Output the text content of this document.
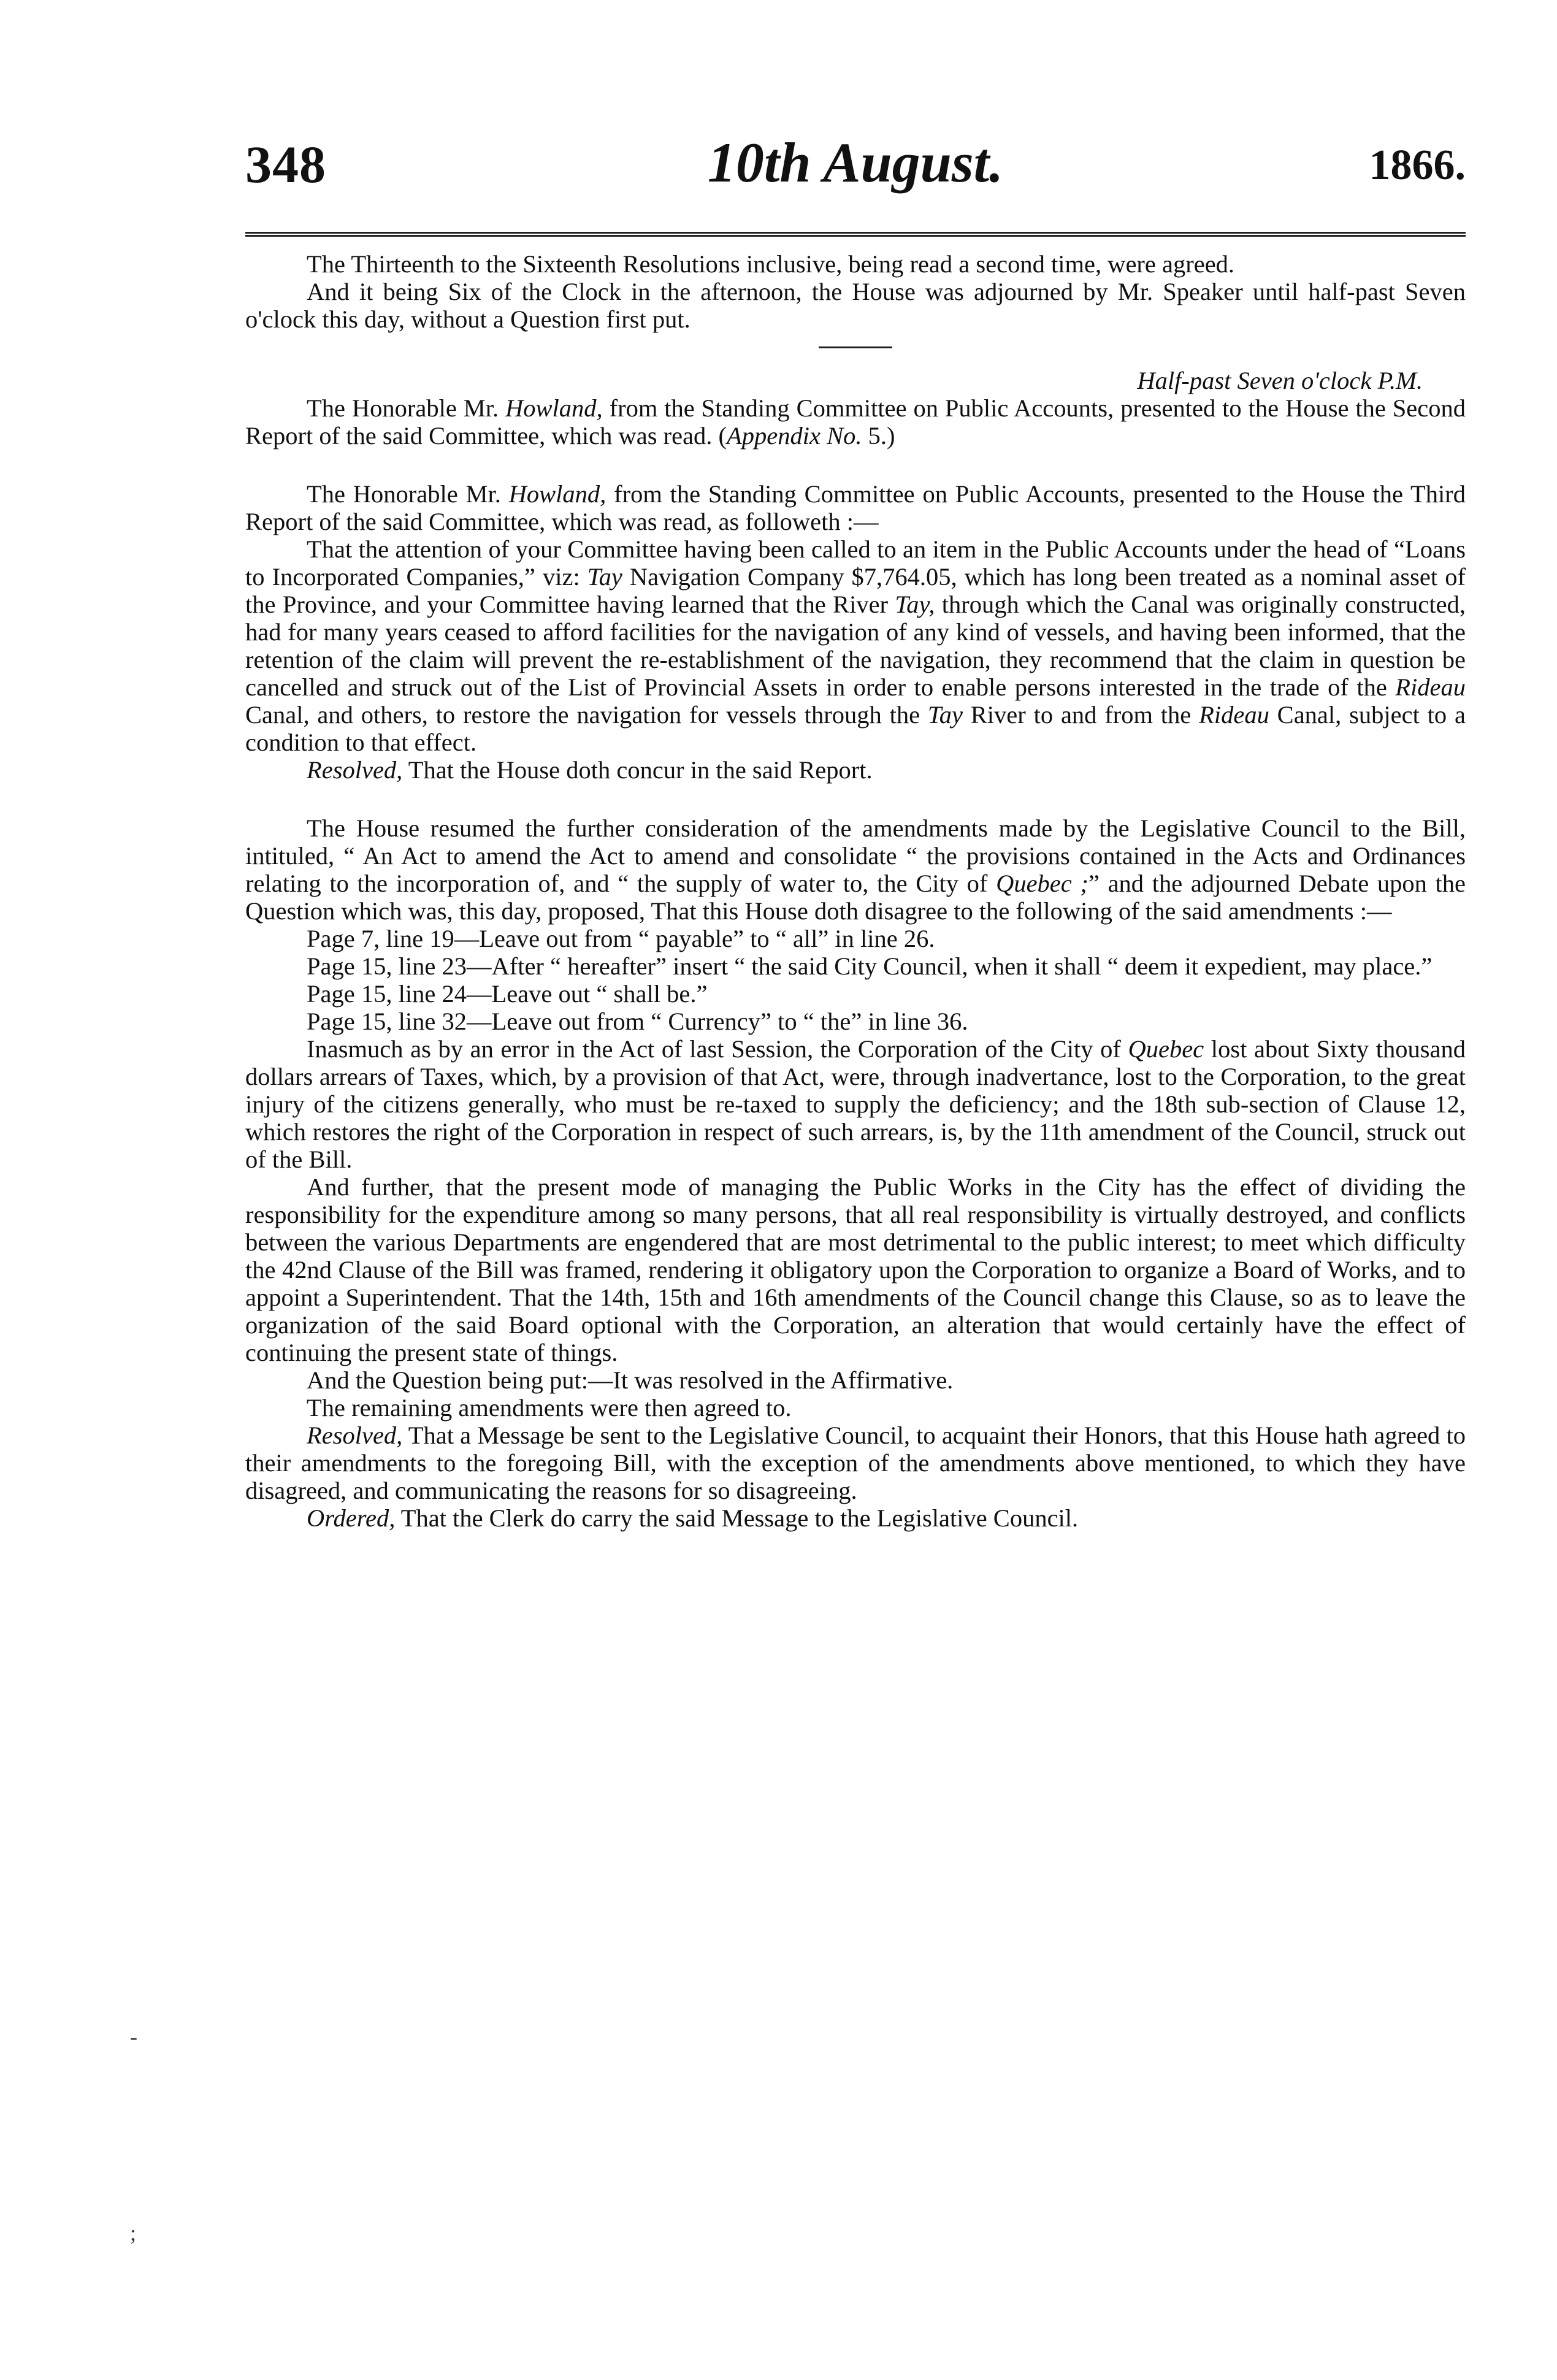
348	10th August.	1866.

The Thirteenth to the Sixteenth Resolutions inclusive, being read a second time, were agreed.

And it being Six of the Clock in the afternoon, the House was adjourned by Mr. Speaker until half-past Seven o'clock this day, without a Question first put.

Half-past Seven o'clock P.M.

The Honorable Mr. Howland, from the Standing Committee on Public Accounts, presented to the House the Second Report of the said Committee, which was read. (Appendix No. 5.)

The Honorable Mr. Howland, from the Standing Committee on Public Accounts, presented to the House the Third Report of the said Committee, which was read, as followeth :—

That the attention of your Committee having been called to an item in the Public Accounts under the head of “Loans to Incorporated Companies,” viz: Tay Navigation Company $7,764.05, which has long been treated as a nominal asset of the Province, and your Committee having learned that the River Tay, through which the Canal was originally constructed, had for many years ceased to afford facilities for the navigation of any kind of vessels, and having been informed, that the retention of the claim will prevent the re-establishment of the navigation, they recommend that the claim in question be cancelled and struck out of the List of Provincial Assets in order to enable persons interested in the trade of the Rideau Canal, and others, to restore the navigation for vessels through the Tay River to and from the Rideau Canal, subject to a condition to that effect.

Resolved, That the House doth concur in the said Report.

The House resumed the further consideration of the amendments made by the Legislative Council to the Bill, intituled, “ An Act to amend the Act to amend and consolidate “ the provisions contained in the Acts and Ordinances relating to the incorporation of, and “ the supply of water to, the City of Quebec ;” and the adjourned Debate upon the Question which was, this day, proposed, That this House doth disagree to the following of the said amendments :—

Page 7, line 19—Leave out from “ payable” to “ all” in line 26.

Page 15, line 23—After “ hereafter” insert “ the said City Council, when it shall “ deem it expedient, may place.”

Page 15, line 24—Leave out “ shall be.”

Page 15, line 32—Leave out from “ Currency” to “ the” in line 36.

Inasmuch as by an error in the Act of last Session, the Corporation of the City of Quebec lost about Sixty thousand dollars arrears of Taxes, which, by a provision of that Act, were, through inadvertance, lost to the Corporation, to the great injury of the citizens generally, who must be re-taxed to supply the deficiency; and the 18th sub-section of Clause 12, which restores the right of the Corporation in respect of such arrears, is, by the 11th amendment of the Council, struck out of the Bill.

And further, that the present mode of managing the Public Works in the City has the effect of dividing the responsibility for the expenditure among so many persons, that all real responsibility is virtually destroyed, and conflicts between the various Departments are engendered that are most detrimental to the public interest; to meet which difficulty the 42nd Clause of the Bill was framed, rendering it obligatory upon the Corporation to organize a Board of Works, and to appoint a Superintendent. That the 14th, 15th and 16th amendments of the Council change this Clause, so as to leave the organization of the said Board optional with the Corporation, an alteration that would certainly have the effect of continuing the present state of things.

And the Question being put:—It was resolved in the Affirmative.

The remaining amendments were then agreed to.

Resolved, That a Message be sent to the Legislative Council, to acquaint their Honors, that this House hath agreed to their amendments to the foregoing Bill, with the exception of the amendments above mentioned, to which they have disagreed, and communicating the reasons for so disagreeing.

Ordered, That the Clerk do carry the said Message to the Legislative Council.

-
;
